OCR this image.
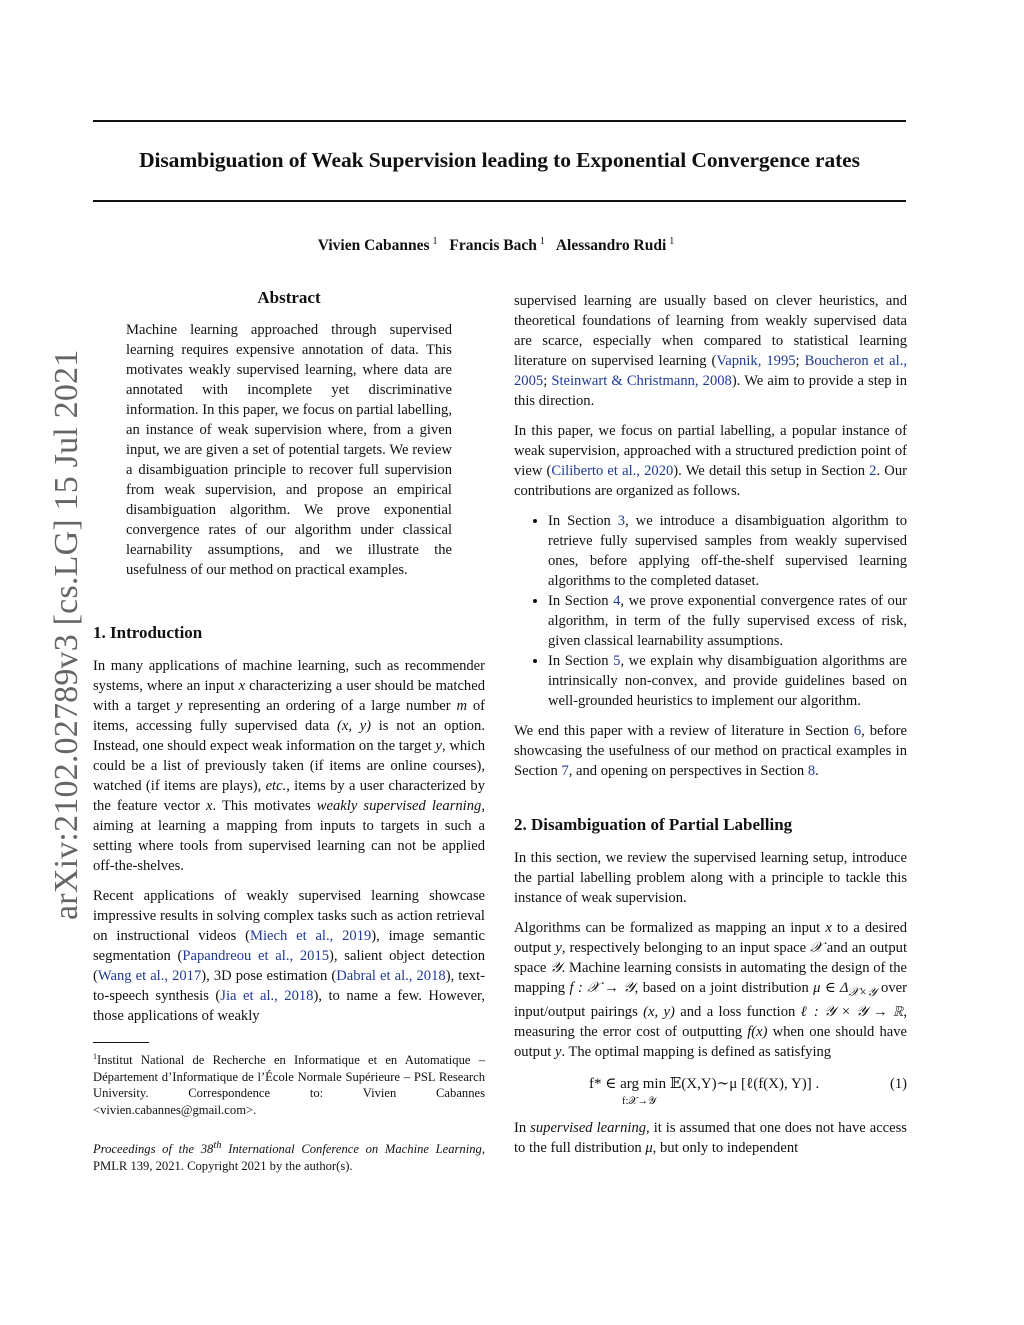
Disambiguation of Weak Supervision leading to Exponential Convergence rates
Vivien Cabannes $^1$ Francis Bach $^1$ Alessandro Rudi $^1$
arXiv:2102.02789v3 [cs.LG] 15 Jul 2021
Abstract
Machine learning approached through supervised learning requires expensive annotation of data. This motivates weakly supervised learning, where data are annotated with incomplete yet discriminative information. In this paper, we focus on partial labelling, an instance of weak supervision where, from a given input, we are given a set of potential targets. We review a disambiguation principle to recover full supervision from weak supervision, and propose an empirical disambiguation algorithm. We prove exponential convergence rates of our algorithm under classical learnability assumptions, and we illustrate the usefulness of our method on practical examples.
1. Introduction

In many applications of machine learning, such as recommender systems, where an input x characterizing a user should be matched with a target y representing an ordering of a large number m of items, accessing fully supervised data (x, y) is not an option. Instead, one should expect weak information on the target y, which could be a list of previously taken (if items are online courses), watched (if items are plays), etc., items by a user characterized by the feature vector x. This motivates weakly supervised learning, aiming at learning a mapping from inputs to targets in such a setting where tools from supervised learning can not be applied off-the-shelves.

Recent applications of weakly supervised learning showcase impressive results in solving complex tasks such as action retrieval on instructional videos (Miech et al., 2019), image semantic segmentation (Papandreou et al., 2015), salient object detection (Wang et al., 2017), 3D pose estimation (Dabral et al., 2018), text-to-speech synthesis (Jia et al., 2018), to name a few. However, those applications of weakly

$^1$Institut National de Recherche en Informatique et en Automatique – Département d’Informatique de l’École Normale Supérieure – PSL Research University. Correspondence to: Vivien Cabannes <vivien.cabannes@gmail.com>.
Proceedings of the 38th International Conference on Machine Learning, PMLR 139, 2021. Copyright 2021 by the author(s).

supervised learning are usually based on clever heuristics, and theoretical foundations of learning from weakly supervised data are scarce, especially when compared to statistical learning literature on supervised learning (Vapnik, 1995; Boucheron et al., 2005; Steinwart & Christmann, 2008). We aim to provide a step in this direction.

In this paper, we focus on partial labelling, a popular instance of weak supervision, approached with a structured prediction point of view (Ciliberto et al., 2020). We detail this setup in Section 2. Our contributions are organized as follows.

• In Section 3, we introduce a disambiguation algorithm to retrieve fully supervised samples from weakly supervised ones, before applying off-the-shelf supervised learning algorithms to the completed dataset.
• In Section 4, we prove exponential convergence rates of our algorithm, in term of the fully supervised excess of risk, given classical learnability assumptions.
• In Section 5, we explain why disambiguation algorithms are intrinsically non-convex, and provide guidelines based on well-grounded heuristics to implement our algorithm.

We end this paper with a review of literature in Section 6, before showcasing the usefulness of our method on practical examples in Section 7, and opening on perspectives in Section 8.

2. Disambiguation of Partial Labelling

In this section, we review the supervised learning setup, introduce the partial labelling problem along with a principle to tackle this instance of weak supervision.

Algorithms can be formalized as mapping an input x to a desired output y, respectively belonging to an input space 𝒳 and an output space 𝒴. Machine learning consists in automating the design of the mapping f : 𝒳 → 𝒴, based on a joint distribution μ ∈ $\Delta_{𝒳\times 𝒴}$ over input/output pairings (x, y) and a loss function ℓ : 𝒴 × 𝒴 → ℝ, measuring the error cost of outputting f(x) when one should have output y. The optimal mapping is defined as satisfying

f* ∈ arg min 𝔼(X,Y)∼μ [ℓ(f(X), Y)] .
f:𝒳→𝒴
(1)

In supervised learning, it is assumed that one does not have access to the full distribution μ, but only to independent
